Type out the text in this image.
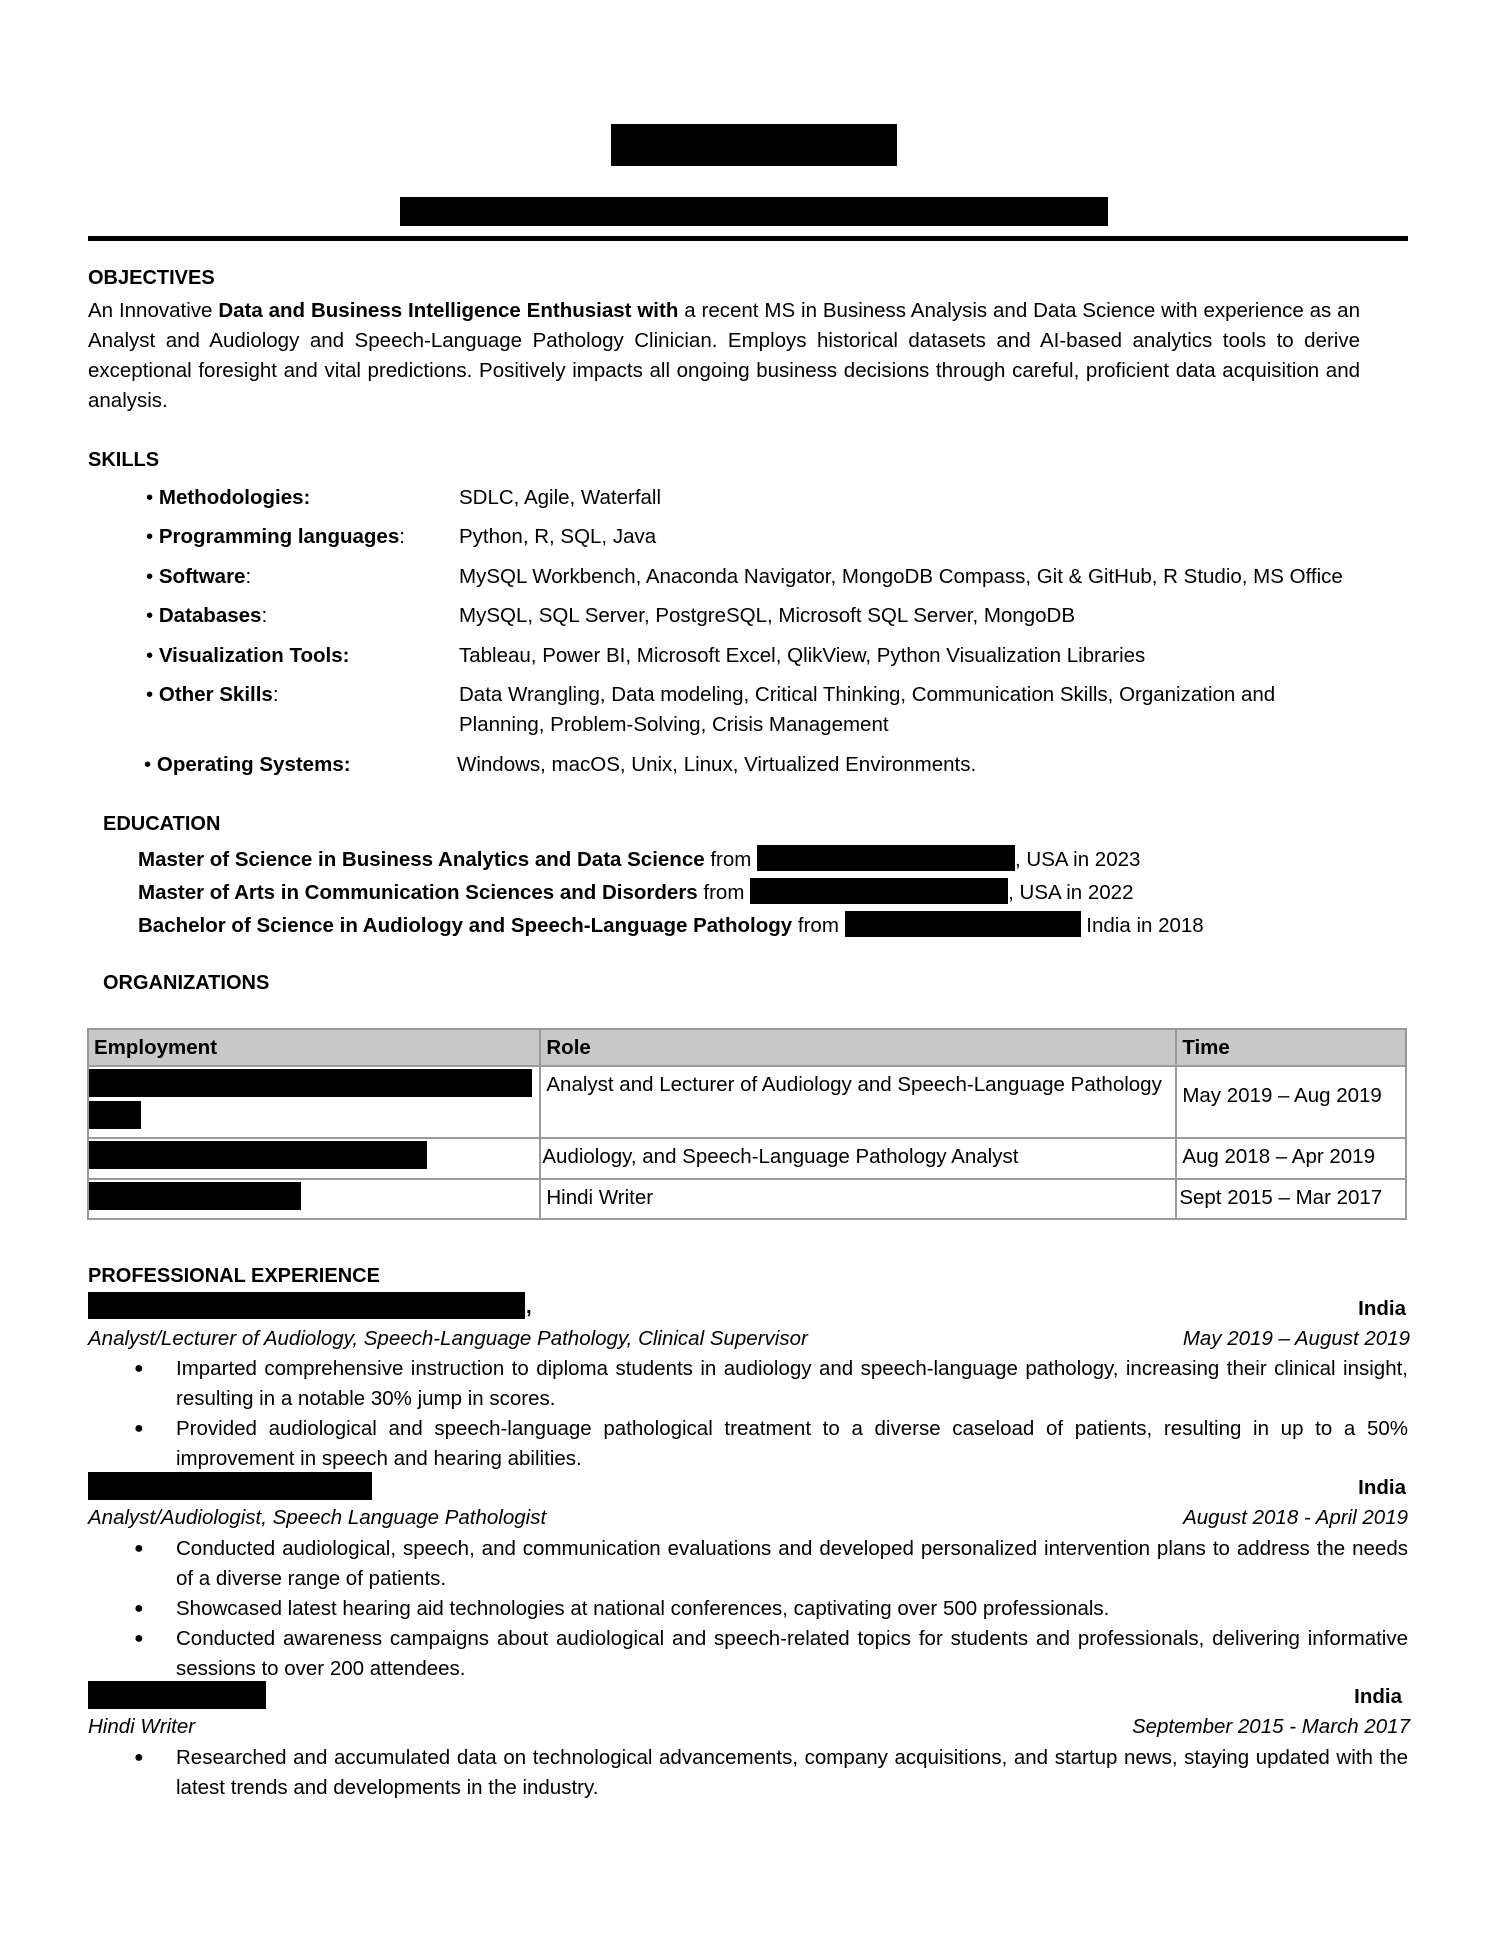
OBJECTIVES
An Innovative Data and Business Intelligence Enthusiast with a recent MS in Business Analysis and Data Science with experience as an Analyst and Audiology and Speech-Language Pathology Clinician. Employs historical datasets and AI-based analytics tools to derive exceptional foresight and vital predictions. Positively impacts all ongoing business decisions through careful, proficient data acquisition and analysis.
SKILLS
• Methodologies:	SDLC, Agile, Waterfall
• Programming languages:	Python, R, SQL, Java
• Software:	MySQL Workbench, Anaconda Navigator, MongoDB Compass, Git & GitHub, R Studio, MS Office
• Databases:	MySQL, SQL Server, PostgreSQL, Microsoft SQL Server, MongoDB
• Visualization Tools:	Tableau, Power BI, Microsoft Excel, QlikView, Python Visualization Libraries
• Other Skills:	Data Wrangling, Data modeling, Critical Thinking, Communication Skills, Organization and Planning, Problem-Solving, Crisis Management
• Operating Systems:	Windows, macOS, Unix, Linux, Virtualized Environments.
EDUCATION
Master of Science in Business Analytics and Data Science from	, USA in 2023
Master of Arts in Communication Sciences and Disorders from	, USA in 2022
Bachelor of Science in Audiology and Speech-Language Pathology from	India in 2018
ORGANIZATIONS
Employment	Role	Time

	Analyst and Lecturer of Audiology and Speech-Language Pathology	May 2019 – Aug 2019

	Audiology, and Speech-Language Pathology Analyst	Aug 2018 – Apr 2019

	Hindi Writer	Sept 2015 – Mar 2017
PROFESSIONAL EXPERIENCE
,	India
Analyst/Lecturer of Audiology, Speech-Language Pathology, Clinical Supervisor	May 2019 – August 2019
● Imparted comprehensive instruction to diploma students in audiology and speech-language pathology, increasing their clinical insight, resulting in a notable 30% jump in scores.
● Provided audiological and speech-language pathological treatment to a diverse caseload of patients, resulting in up to a 50% improvement in speech and hearing abilities.
India
Analyst/Audiologist, Speech Language Pathologist	August 2018 - April 2019
● Conducted audiological, speech, and communication evaluations and developed personalized intervention plans to address the needs of a diverse range of patients.
● Showcased latest hearing aid technologies at national conferences, captivating over 500 professionals.
● Conducted awareness campaigns about audiological and speech-related topics for students and professionals, delivering informative sessions to over 200 attendees.
India
Hindi Writer	September 2015 - March 2017
● Researched and accumulated data on technological advancements, company acquisitions, and startup news, staying updated with the latest trends and developments in the industry.
